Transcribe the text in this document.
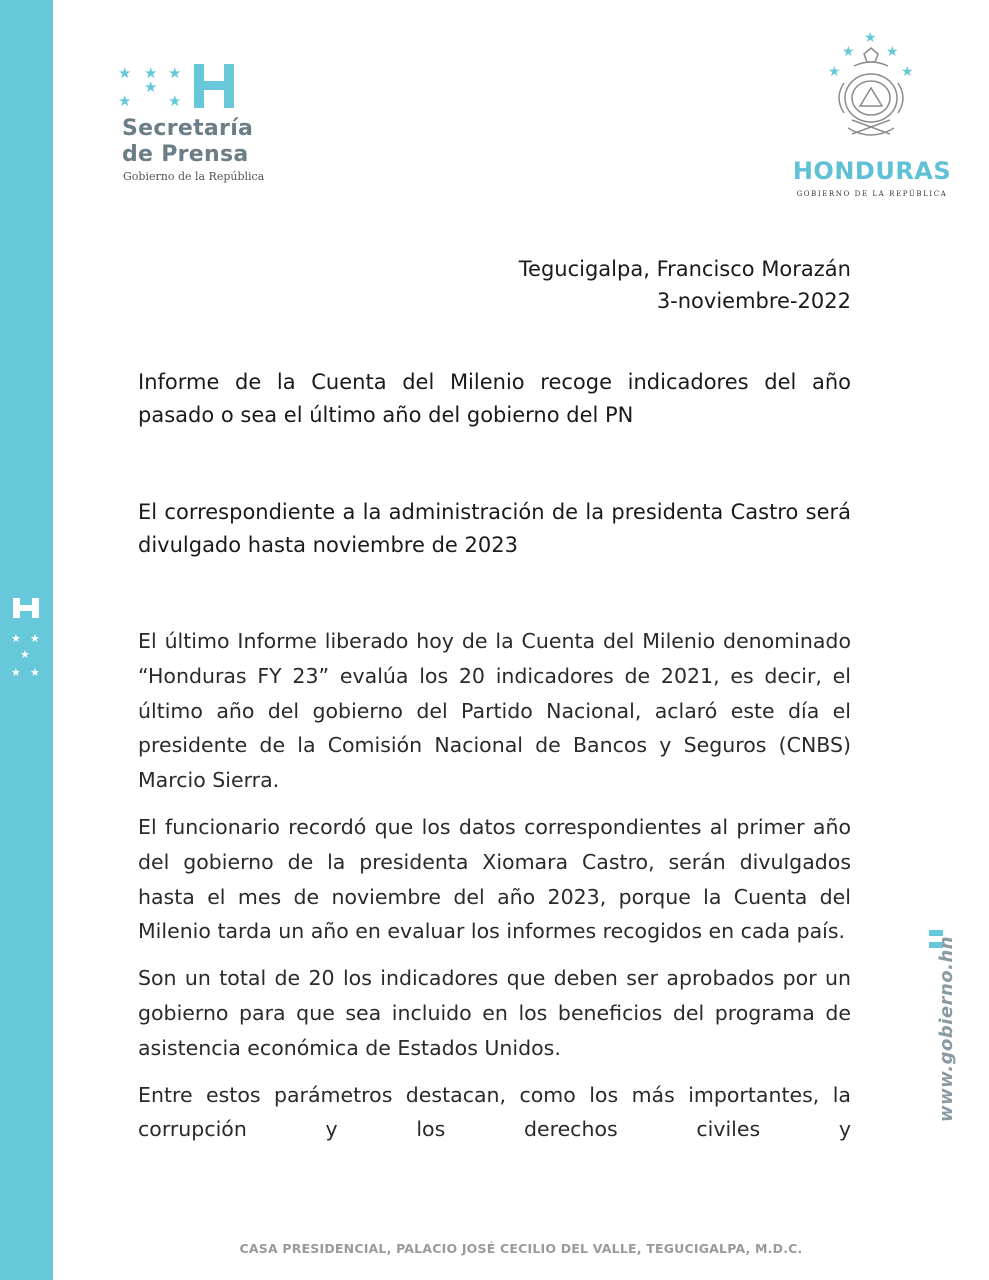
★ ★
★
★ ★
★ ★ ★
★
★ ★
Secretaría
de Prensa
Gobierno de la República
★
★ ★
★	★
HONDURAS
GOBIERNO DE LA REPÚBLICA
Tegucigalpa, Francisco Morazán
3-noviembre-2022
Informe de la Cuenta del Milenio recoge indicadores del año pasado o sea el último año del gobierno del PN
El correspondiente a la administración de la presidenta Castro será divulgado hasta noviembre de 2023

El último Informe liberado hoy de la Cuenta del Milenio denominado “Honduras FY 23” evalúa los 20 indicadores de 2021, es decir, el último año del gobierno del Partido Nacional, aclaró este día el presidente de la Comisión Nacional de Bancos y Seguros (CNBS) Marcio Sierra.

El funcionario recordó que los datos correspondientes al primer año del gobierno de la presidenta Xiomara Castro, serán divulgados hasta el mes de noviembre del año 2023, porque la Cuenta del Milenio tarda un año en evaluar los informes recogidos en cada país.

Son un total de 20 los indicadores que deben ser aprobados por un gobierno para que sea incluido en los beneficios del programa de asistencia económica de Estados Unidos.

Entre estos parámetros destacan, como los más importantes, la corrupción y los derechos civiles y

www.gobierno.hn
CASA PRESIDENCIAL, PALACIO JOSÉ CECILIO DEL VALLE, TEGUCIGALPA, M.D.C.
